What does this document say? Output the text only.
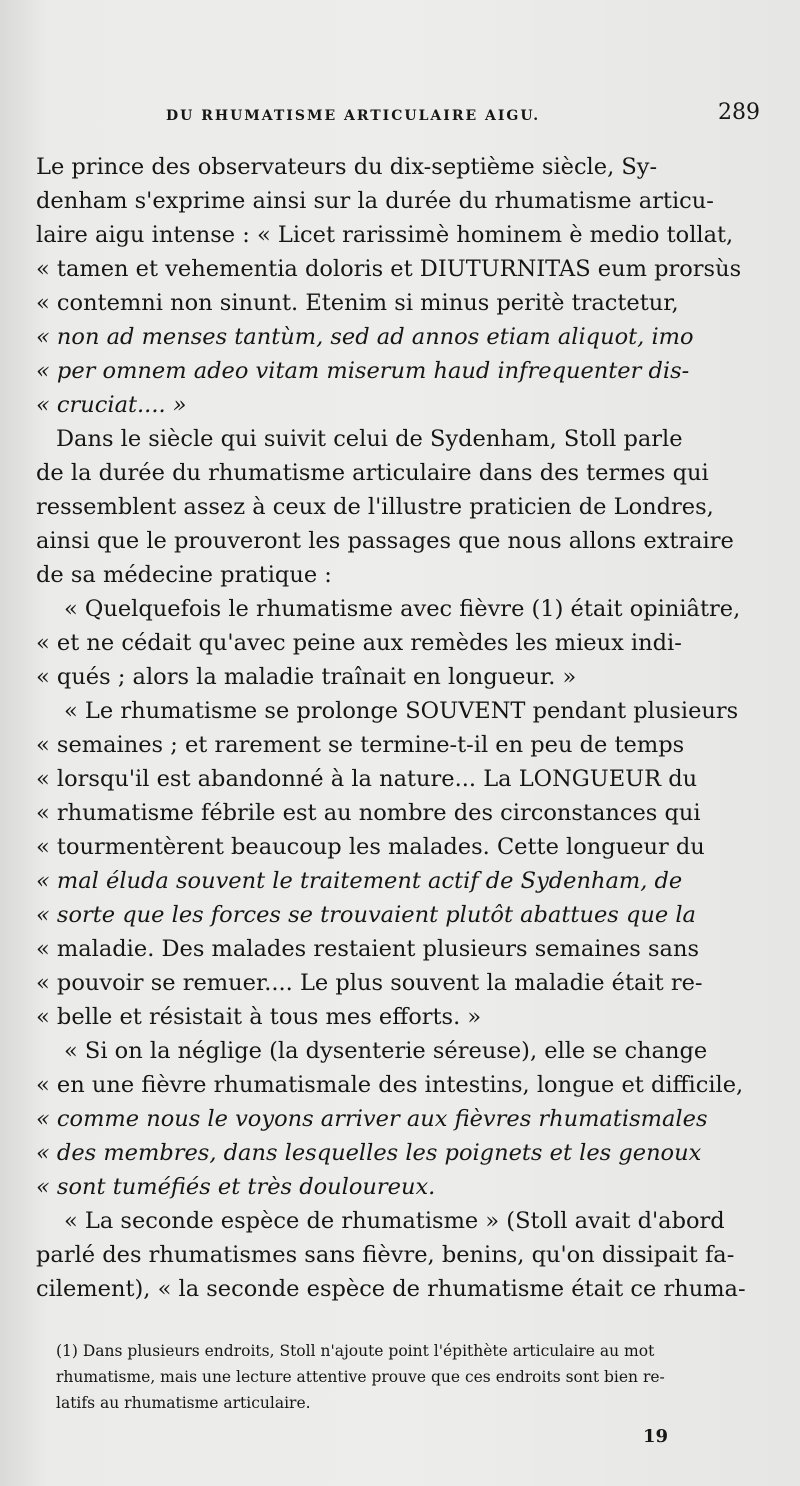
DU RHUMATISME ARTICULAIRE AIGU.	289
Le prince des observateurs du dix-septième siècle, Sy-
denham s'exprime ainsi sur la durée du rhumatisme articu-
laire aigu intense : « Licet rarissimè hominem è medio tollat,
« tamen et vehementia doloris et DIUTURNITAS eum prorsùs
« contemni non sinunt. Etenim si minus peritè tractetur,
« non ad menses tantùm, sed ad annos etiam aliquot, imo
« per omnem adeo vitam miserum haud infrequenter dis-
« cruciat.... »
Dans le siècle qui suivit celui de Sydenham, Stoll parle
de la durée du rhumatisme articulaire dans des termes qui
ressemblent assez à ceux de l'illustre praticien de Londres,
ainsi que le prouveront les passages que nous allons extraire
de sa médecine pratique :
« Quelquefois le rhumatisme avec fièvre (1) était opiniâtre,
« et ne cédait qu'avec peine aux remèdes les mieux indi-
« qués ; alors la maladie traînait en longueur. »
« Le rhumatisme se prolonge SOUVENT pendant plusieurs
« semaines ; et rarement se termine-t-il en peu de temps
« lorsqu'il est abandonné à la nature... La LONGUEUR du
« rhumatisme fébrile est au nombre des circonstances qui
« tourmentèrent beaucoup les malades. Cette longueur du
« mal éluda souvent le traitement actif de Sydenham, de
« sorte que les forces se trouvaient plutôt abattues que la
« maladie. Des malades restaient plusieurs semaines sans
« pouvoir se remuer.... Le plus souvent la maladie était re-
« belle et résistait à tous mes efforts. »
« Si on la néglige (la dysenterie séreuse), elle se change
« en une fièvre rhumatismale des intestins, longue et difficile,
« comme nous le voyons arriver aux fièvres rhumatismales
« des membres, dans lesquelles les poignets et les genoux
« sont tuméfiés et très douloureux.
« La seconde espèce de rhumatisme » (Stoll avait d'abord
parlé des rhumatismes sans fièvre, benins, qu'on dissipait fa-
cilement), « la seconde espèce de rhumatisme était ce rhuma-
(1) Dans plusieurs endroits, Stoll n'ajoute point l'épithète articulaire au mot
rhumatisme, mais une lecture attentive prouve que ces endroits sont bien re-
latifs au rhumatisme articulaire.
19
